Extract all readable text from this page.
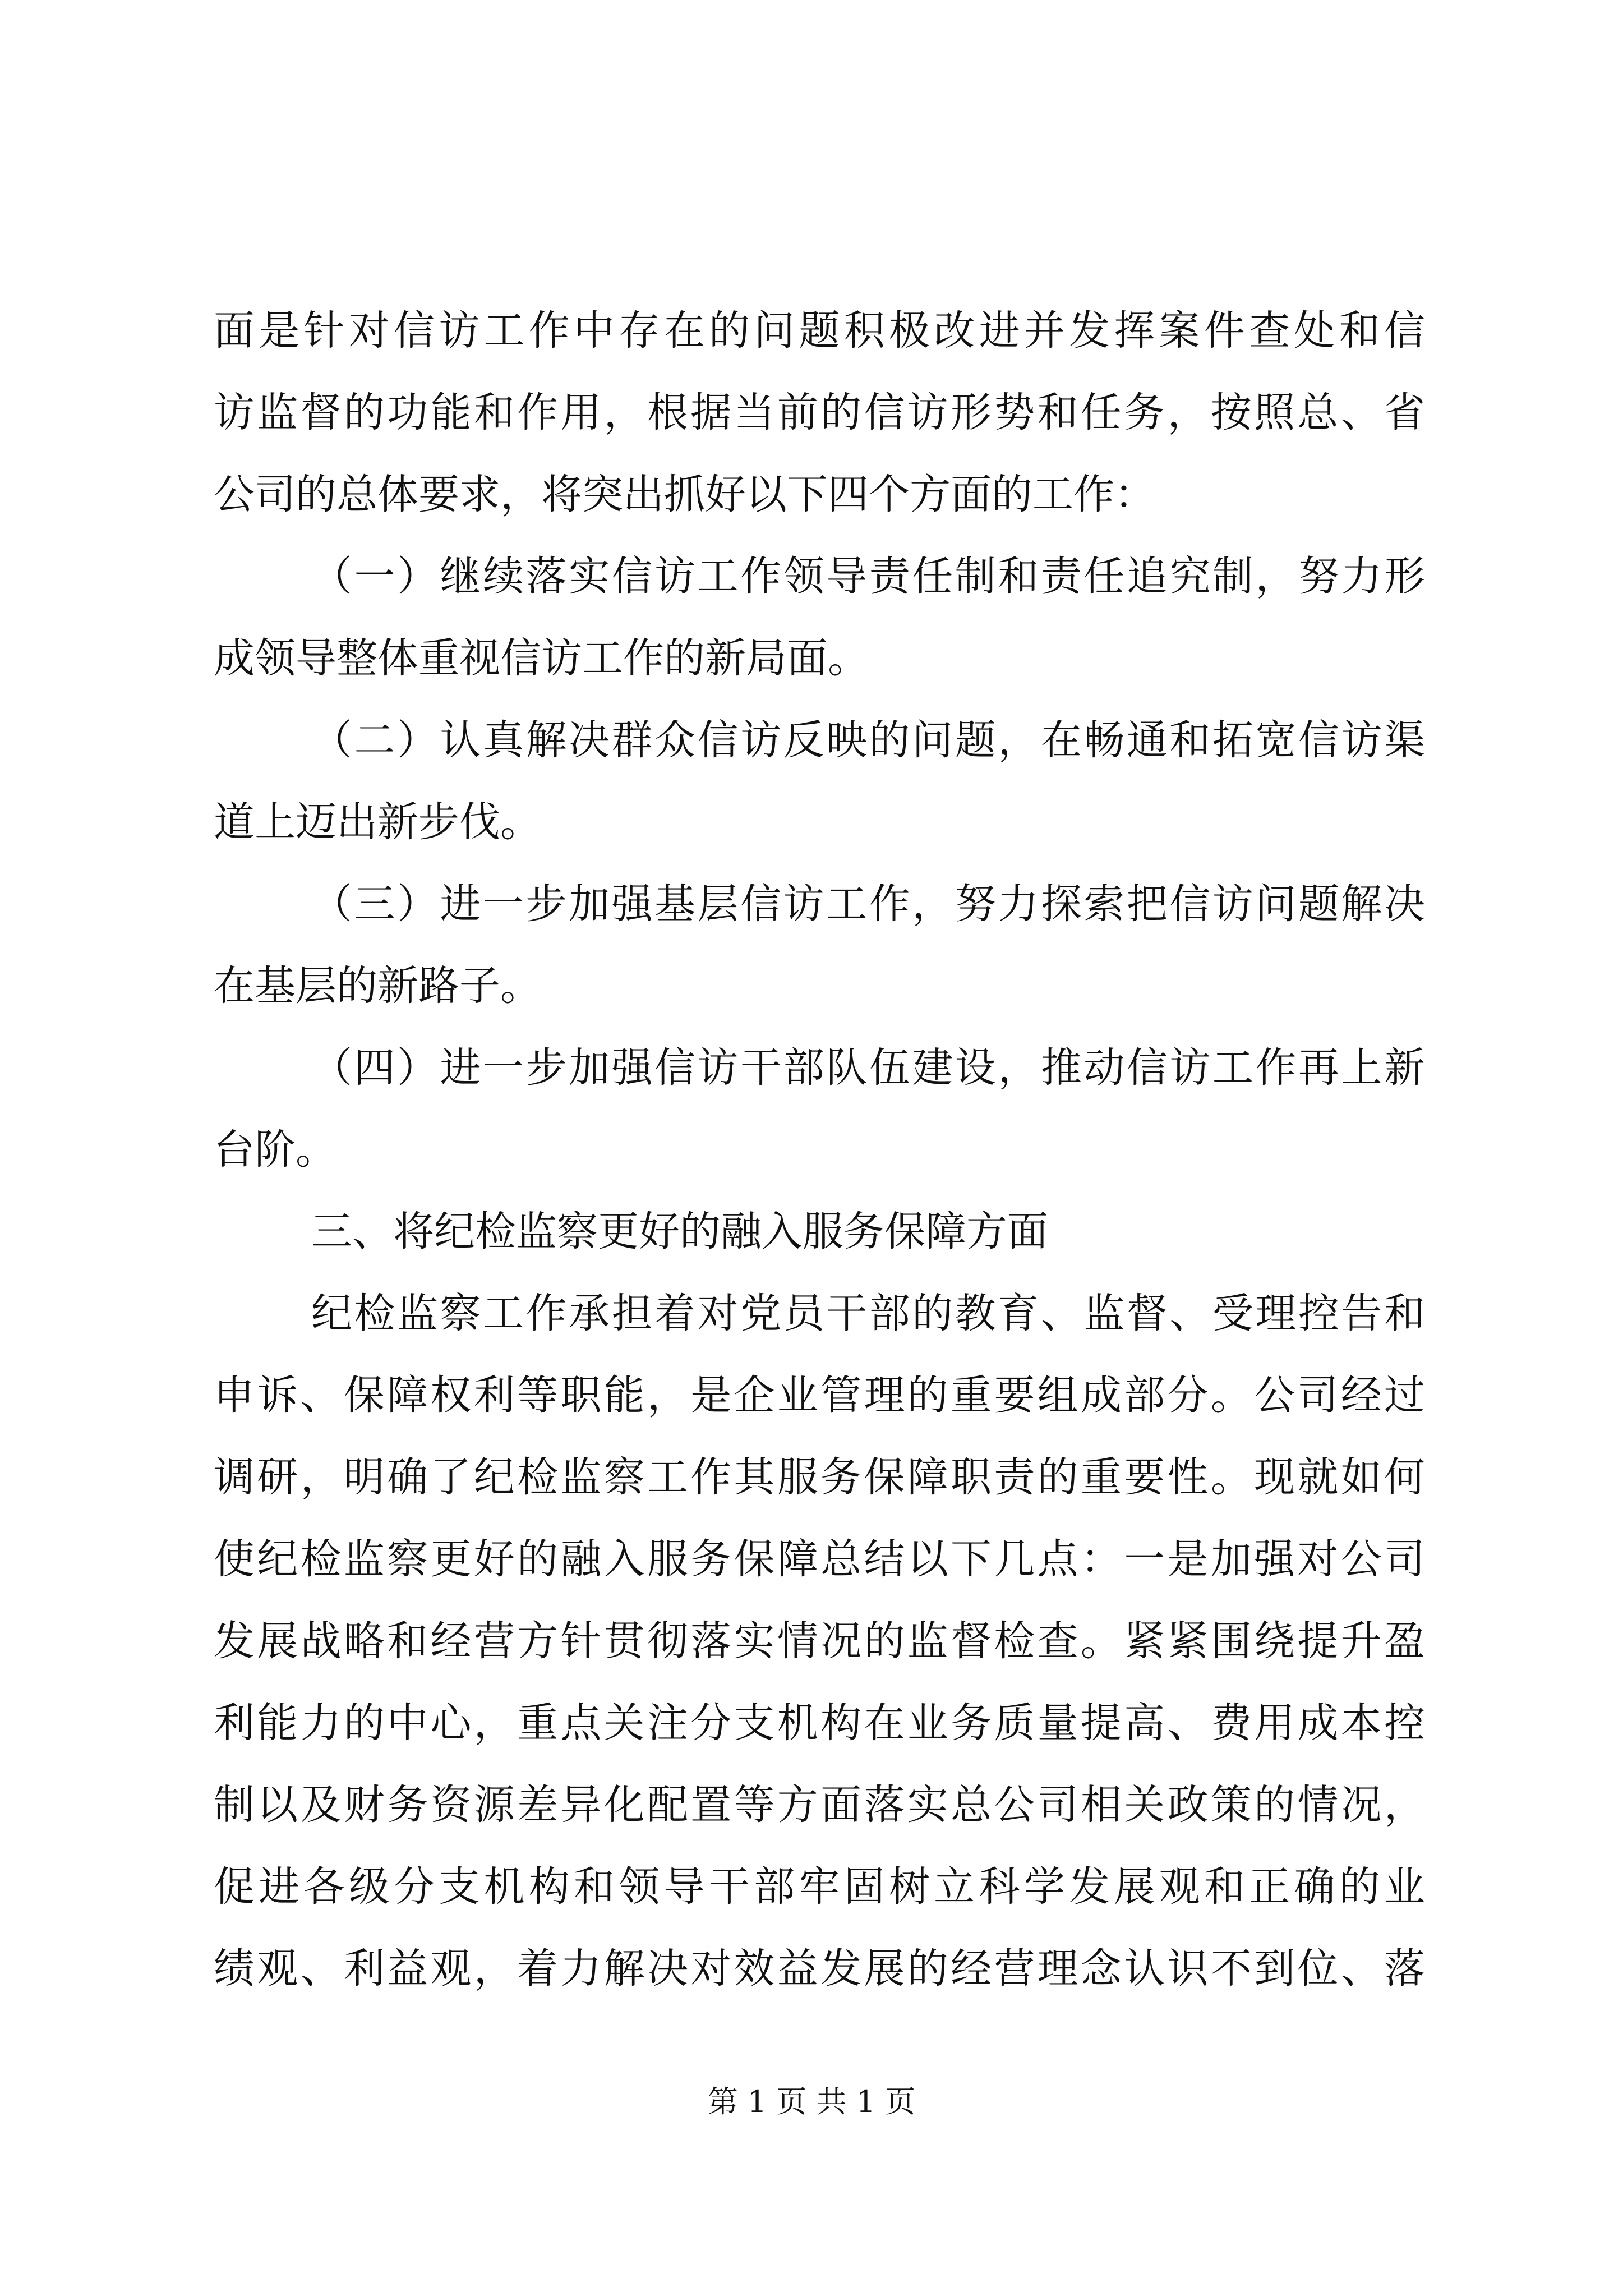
面是针对信访工作中存在的问题积极改进并发挥案件查处和信
访监督的功能和作用，根据当前的信访形势和任务，按照总、省
公司的总体要求，将突出抓好以下四个方面的工作：
（一）继续落实信访工作领导责任制和责任追究制，努力形
成领导整体重视信访工作的新局面。
（二）认真解决群众信访反映的问题，在畅通和拓宽信访渠
道上迈出新步伐。
（三）进一步加强基层信访工作，努力探索把信访问题解决
在基层的新路子。
（四）进一步加强信访干部队伍建设，推动信访工作再上新
台阶。
三、将纪检监察更好的融入服务保障方面
纪检监察工作承担着对党员干部的教育、监督、受理控告和
申诉、保障权利等职能，是企业管理的重要组成部分。公司经过
调研，明确了纪检监察工作其服务保障职责的重要性。现就如何
使纪检监察更好的融入服务保障总结以下几点：一是加强对公司
发展战略和经营方针贯彻落实情况的监督检查。紧紧围绕提升盈
利能力的中心，重点关注分支机构在业务质量提高、费用成本控
制以及财务资源差异化配置等方面落实总公司相关政策的情况，
促进各级分支机构和领导干部牢固树立科学发展观和正确的业
绩观、利益观，着力解决对效益发展的经营理念认识不到位、落
第 1 页 共 1 页
